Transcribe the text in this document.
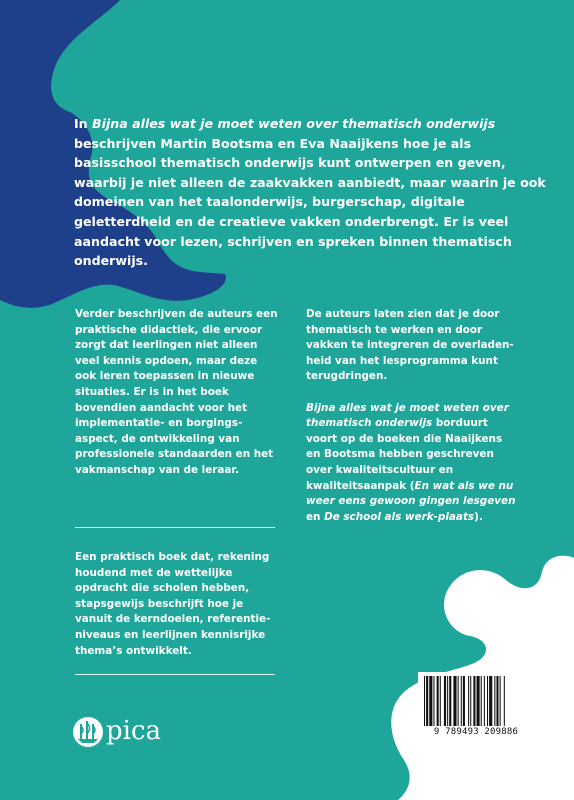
In Bijna alles wat je moet weten over thematisch onderwijs beschrijven Martin Bootsma en Eva Naaijkens hoe je als basisschool thematisch onderwijs kunt ontwerpen en geven, waarbij je niet alleen de zaakvakken aanbiedt, maar waarin je ook domeinen van het taalonderwijs, burgerschap, digitale geletterdheid en de creatieve vakken onderbrengt. Er is veel aandacht voor lezen, schrijven en spreken binnen thematisch onderwijs.

Verder beschrijven de auteurs een praktische didactiek, die ervoor zorgt dat leerlingen niet alleen veel kennis opdoen, maar deze ook leren toepassen in nieuwe situaties. Er is in het boek bovendien aandacht voor het implementatie- en borgings-aspect, de ontwikkeling van professionele standaarden en het vakmanschap van de leraar.

De auteurs laten zien dat je door thematisch te werken en door vakken te integreren de overladen-heid van het lesprogramma kunt terugdringen.

Bijna alles wat je moet weten over thematisch onderwijs borduurt voort op de boeken die Naaijkens en Bootsma hebben geschreven over kwaliteitscultuur en kwaliteitsaanpak (En wat als we nu weer eens gewoon gingen lesgeven en De school als werk-plaats).

Een praktisch boek dat, rekening houdend met de wettelijke opdracht die scholen hebben, stapsgewijs beschrijft hoe je vanuit de kerndoelen, referentie-niveaus en leerlijnen kennisrijke thema’s ontwikkelt.

pica	9 789493 209886
